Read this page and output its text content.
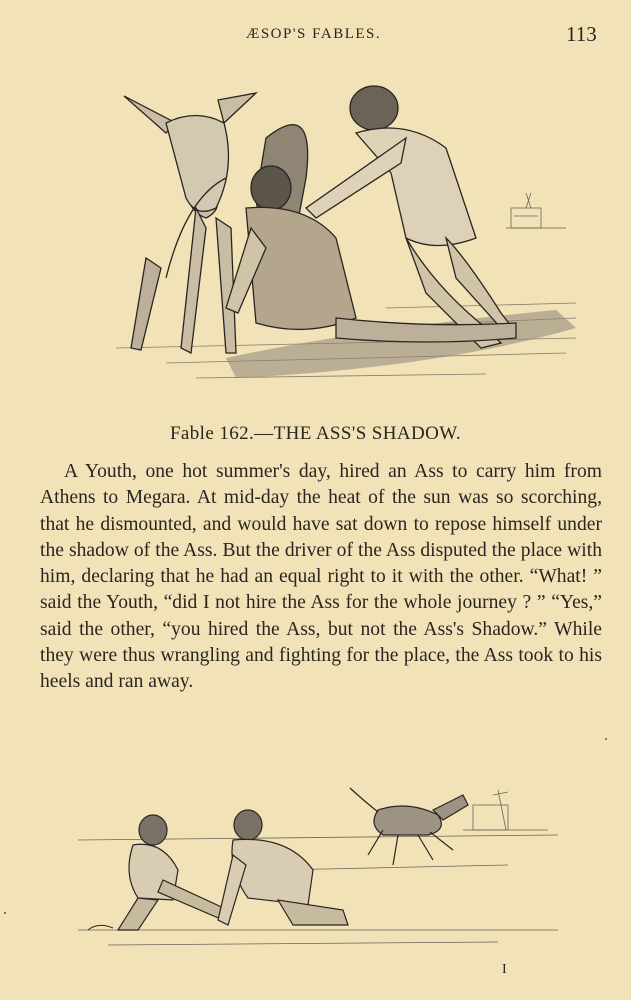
ÆSOP'S FABLES.	113
Fable 162.—THE ASS'S SHADOW.

A Youth, one hot summer's day, hired an Ass to carry him from Athens to Megara. At mid-day the heat of the sun was so scorching, that he dismounted, and would have sat down to repose himself under the shadow of the Ass. But the driver of the Ass disputed the place with him, declaring that he had an equal right to it with the other. “What! ” said the Youth, “did I not hire the Ass for the whole journey ? ” “Yes,” said the other, “you hired the Ass, but not the Ass's Shadow.” While they were thus wrangling and fighting for the place, the Ass took to his heels and ran away.

I
